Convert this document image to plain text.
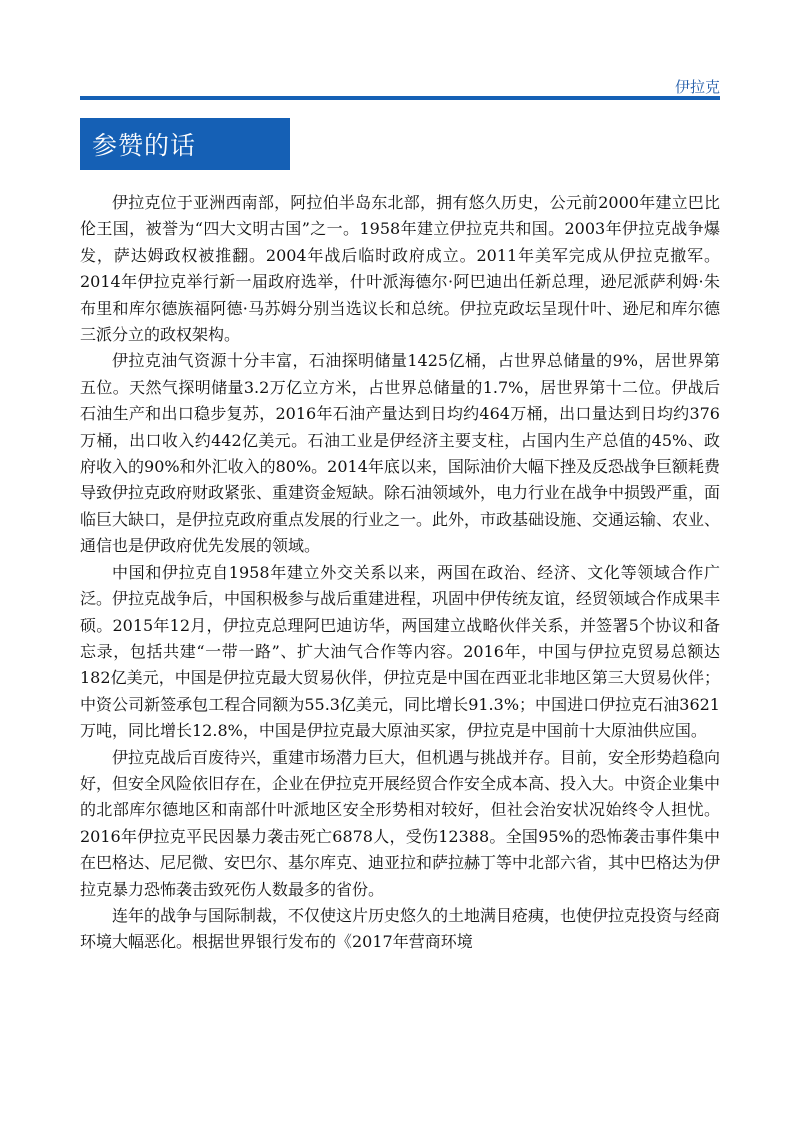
伊拉克
参赞的话

伊拉克位于亚洲西南部，阿拉伯半岛东北部，拥有悠久历史，公元前2000年建立巴比伦王国，被誉为“四大文明古国”之一。1958年建立伊拉克共和国。2003年伊拉克战争爆发，萨达姆政权被推翻。2004年战后临时政府成立。2011年美军完成从伊拉克撤军。2014年伊拉克举行新一届政府选举，什叶派海德尔·阿巴迪出任新总理，逊尼派萨利姆·朱布里和库尔德族福阿德·马苏姆分别当选议长和总统。伊拉克政坛呈现什叶、逊尼和库尔德三派分立的政权架构。

伊拉克油气资源十分丰富，石油探明储量1425亿桶，占世界总储量的9%，居世界第五位。天然气探明储量3.2万亿立方米，占世界总储量的1.7%，居世界第十二位。伊战后石油生产和出口稳步复苏，2016年石油产量达到日均约464万桶，出口量达到日均约376万桶，出口收入约442亿美元。石油工业是伊经济主要支柱，占国内生产总值的45%、政府收入的90%和外汇收入的80%。2014年底以来，国际油价大幅下挫及反恐战争巨额耗费导致伊拉克政府财政紧张、重建资金短缺。除石油领域外，电力行业在战争中损毁严重，面临巨大缺口，是伊拉克政府重点发展的行业之一。此外，市政基础设施、交通运输、农业、通信也是伊政府优先发展的领域。

中国和伊拉克自1958年建立外交关系以来，两国在政治、经济、文化等领域合作广泛。伊拉克战争后，中国积极参与战后重建进程，巩固中伊传统友谊，经贸领域合作成果丰硕。2015年12月，伊拉克总理阿巴迪访华，两国建立战略伙伴关系，并签署5个协议和备忘录，包括共建“一带一路”、扩大油气合作等内容。2016年，中国与伊拉克贸易总额达182亿美元，中国是伊拉克最大贸易伙伴，伊拉克是中国在西亚北非地区第三大贸易伙伴；中资公司新签承包工程合同额为55.3亿美元，同比增长91.3%；中国进口伊拉克石油3621万吨，同比增长12.8%，中国是伊拉克最大原油买家，伊拉克是中国前十大原油供应国。

伊拉克战后百废待兴，重建市场潜力巨大，但机遇与挑战并存。目前，安全形势趋稳向好，但安全风险依旧存在，企业在伊拉克开展经贸合作安全成本高、投入大。中资企业集中的北部库尔德地区和南部什叶派地区安全形势相对较好，但社会治安状况始终令人担忧。2016年伊拉克平民因暴力袭击死亡6878人，受伤12388。全国95%的恐怖袭击事件集中在巴格达、尼尼微、安巴尔、基尔库克、迪亚拉和萨拉赫丁等中北部六省，其中巴格达为伊拉克暴力恐怖袭击致死伤人数最多的省份。

连年的战争与国际制裁，不仅使这片历史悠久的土地满目疮痍，也使伊拉克投资与经商环境大幅恶化。根据世界银行发布的《2017年营商环境
